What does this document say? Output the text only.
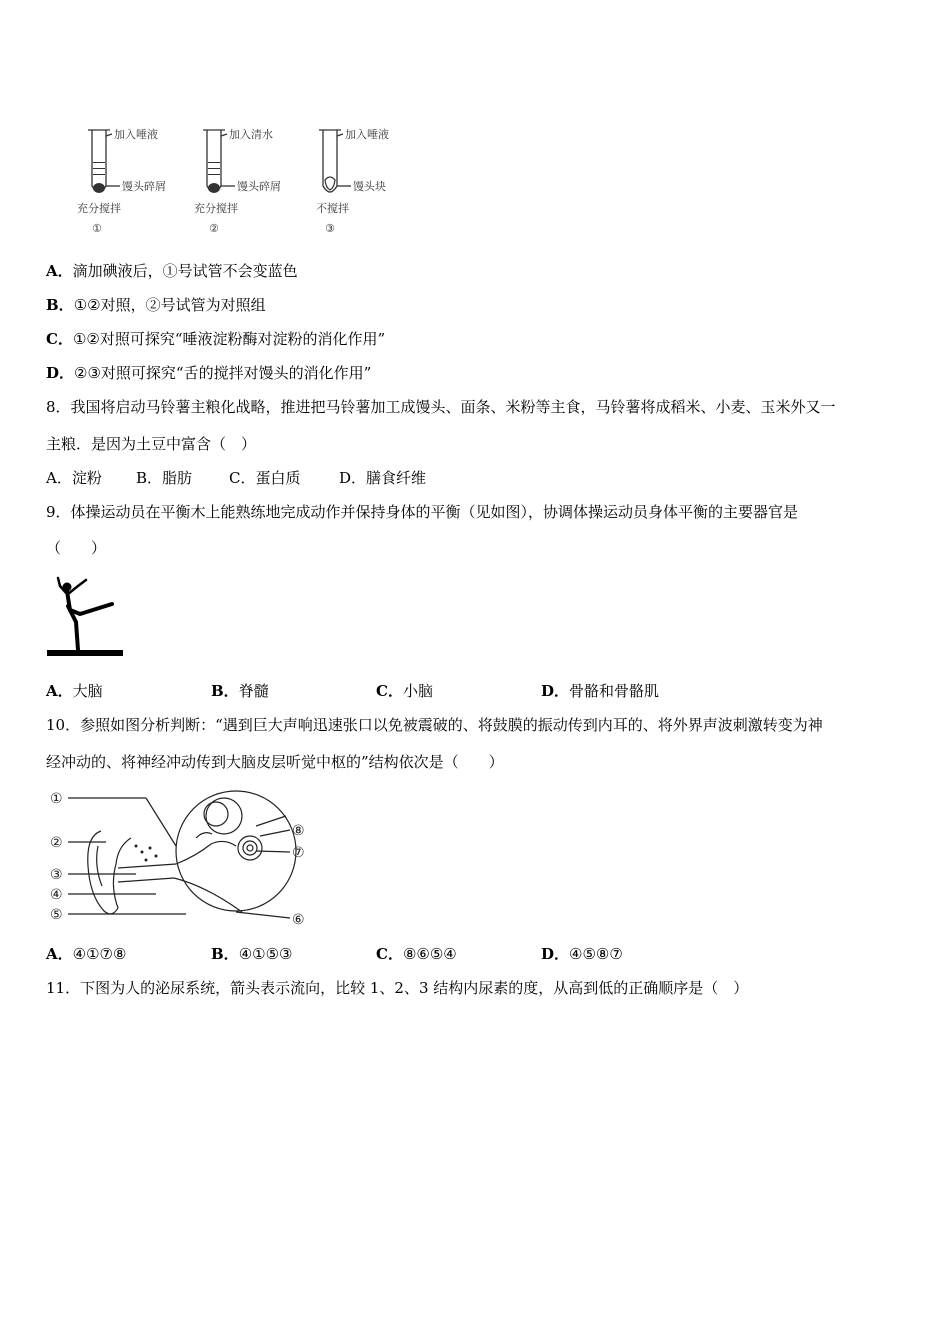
加入唾液
馒头碎屑
充分搅拌
①
加入清水
馒头碎屑
充分搅拌
②
加入唾液
馒头块
不搅拌
③
A．滴加碘液后，①号试管不会变蓝色
B．①②对照，②号试管为对照组
C．①②对照可探究“唾液淀粉酶对淀粉的消化作用”
D．②③对照可探究“舌的搅拌对馒头的消化作用”
8．我国将启动马铃薯主粮化战略，推进把马铃薯加工成馒头、面条、米粉等主食，马铃薯将成稻米、小麦、玉米外又一
主粮．是因为土豆中富含（　）
A．淀粉 B．脂肪 C．蛋白质	D．膳食纤维
9．体操运动员在平衡木上能熟练地完成动作并保持身体的平衡（见如图），协调体操运动员身体平衡的主要器官是
（　　）
A．大脑	B．脊髓	C．小脑	D．骨骼和骨骼肌
10．参照如图分析判断：“遇到巨大声响迅速张口以免被震破的、将鼓膜的振动传到内耳的、将外界声波刺激转变为神
经冲动的、将神经冲动传到大脑皮层听觉中枢的”结构依次是（　　）
①
②
③
④
⑤	⑥
⑦
⑧
A．④①⑦⑧	B．④①⑤③	C．⑧⑥⑤④	D．④⑤⑧⑦
11．下图为人的泌尿系统，箭头表示流向，比较 1、2、3 结构内尿素的度，从高到低的正确顺序是（　）
